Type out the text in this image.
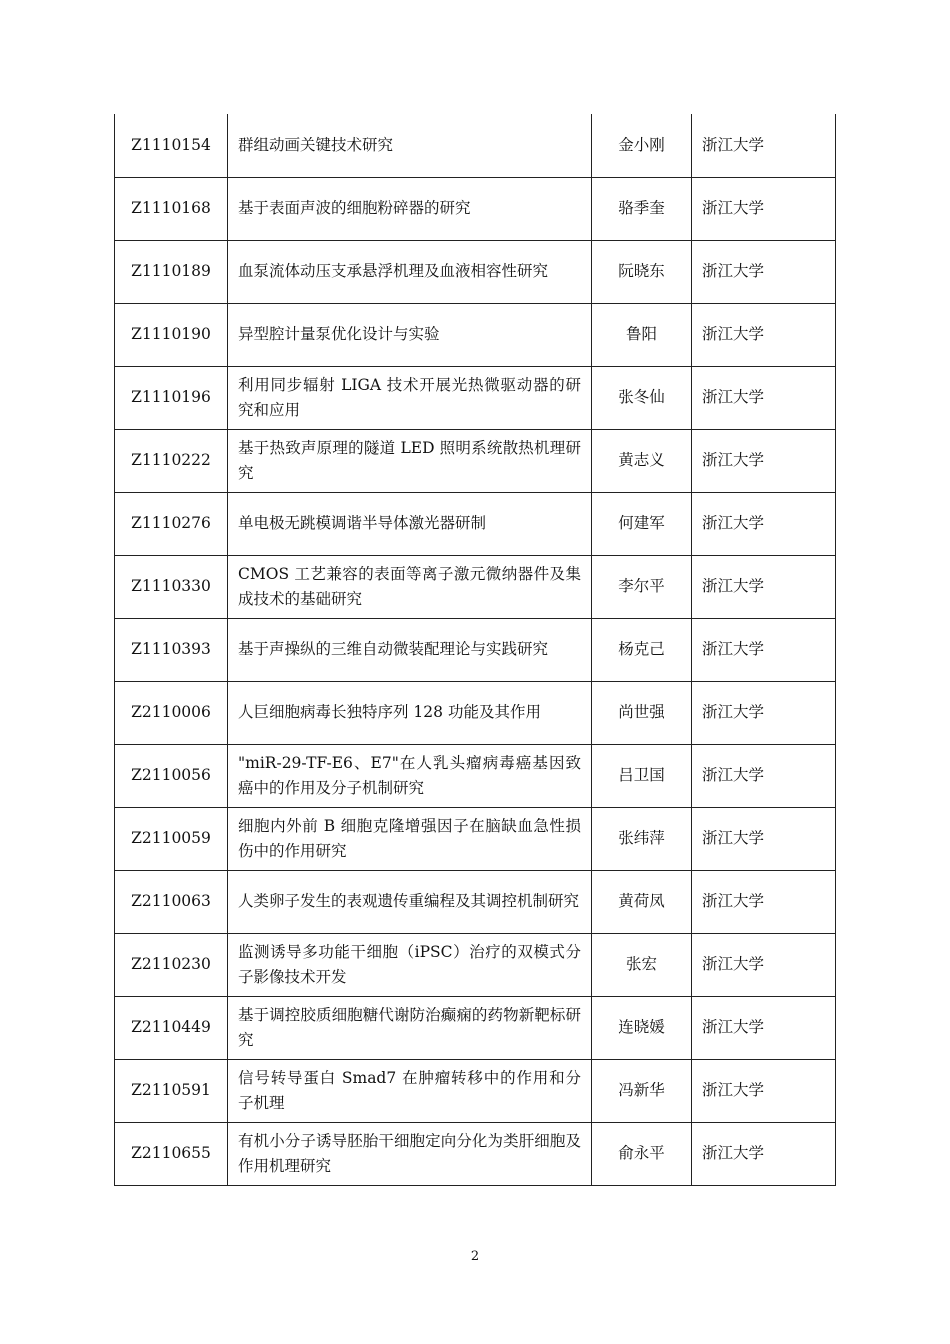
Z1110154	群组动画关键技术研究	金小刚	浙江大学
Z1110168	基于表面声波的细胞粉碎器的研究	骆季奎	浙江大学
Z1110189	血泵流体动压支承悬浮机理及血液相容性研究	阮晓东	浙江大学
Z1110190	异型腔计量泵优化设计与实验	鲁阳	浙江大学
Z1110196	利用同步辐射 LIGA 技术开展光热微驱动器的研究和应用	张冬仙	浙江大学
Z1110222	基于热致声原理的隧道 LED 照明系统散热机理研究	黄志义	浙江大学
Z1110276	单电极无跳模调谐半导体激光器研制	何建军	浙江大学
Z1110330	CMOS 工艺兼容的表面等离子激元微纳器件及集成技术的基础研究	李尔平	浙江大学
Z1110393	基于声操纵的三维自动微装配理论与实践研究	杨克己	浙江大学
Z2110006	人巨细胞病毒长独特序列 128 功能及其作用	尚世强	浙江大学
Z2110056	"miR-29-TF-E6、E7"在人乳头瘤病毒癌基因致癌中的作用及分子机制研究	吕卫国	浙江大学
Z2110059	细胞内外前 B 细胞克隆增强因子在脑缺血急性损伤中的作用研究	张纬萍	浙江大学
Z2110063	人类卵子发生的表观遗传重编程及其调控机制研究	黄荷凤	浙江大学
Z2110230	监测诱导多功能干细胞（iPSC）治疗的双模式分子影像技术开发	张宏	浙江大学
Z2110449	基于调控胶质细胞糖代谢防治癫痫的药物新靶标研究	连晓媛	浙江大学
Z2110591	信号转导蛋白 Smad7 在肿瘤转移中的作用和分子机理	冯新华	浙江大学
Z2110655	有机小分子诱导胚胎干细胞定向分化为类肝细胞及作用机理研究	俞永平	浙江大学
2
